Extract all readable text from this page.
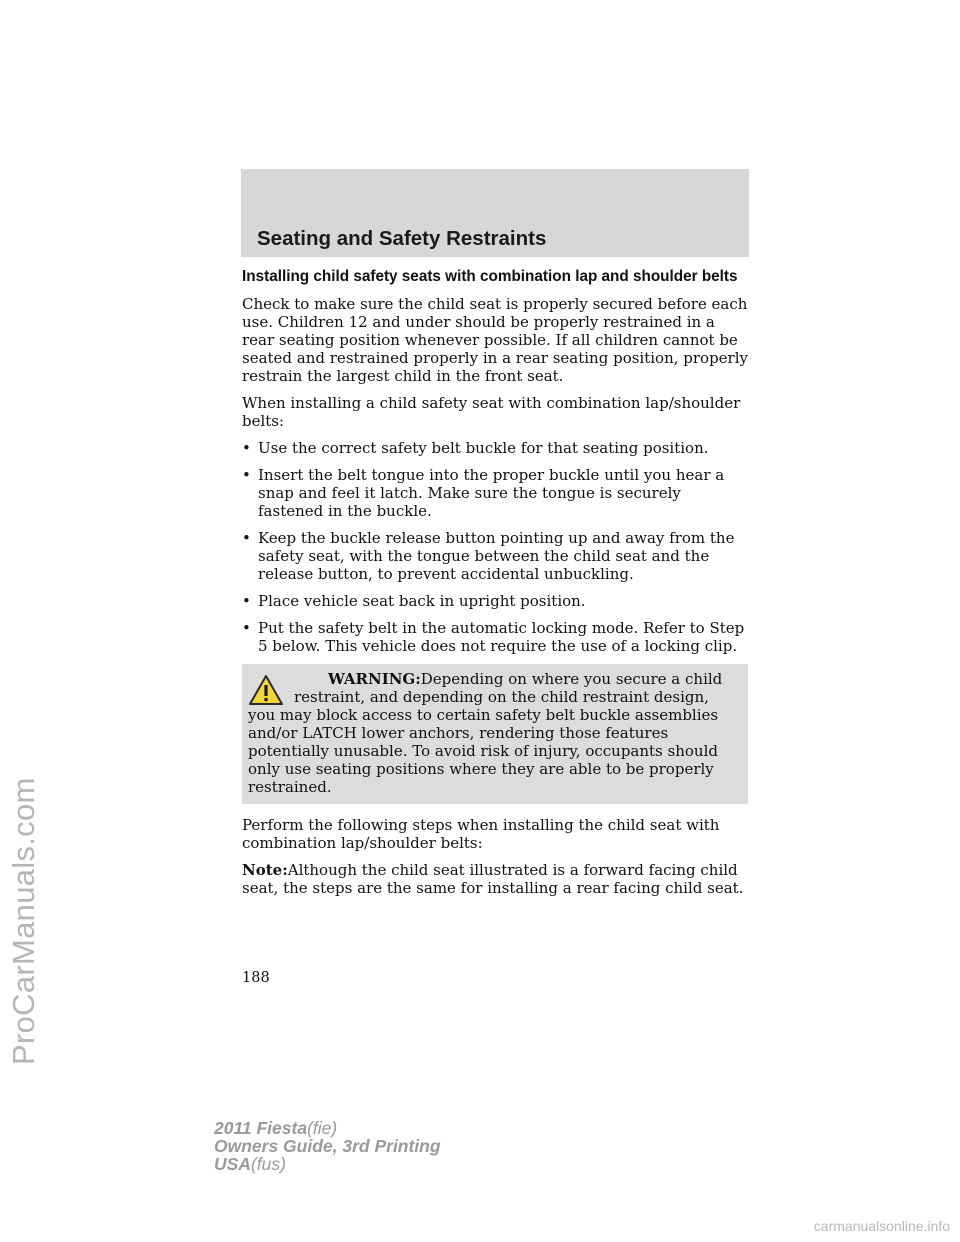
ProCarManuals.com
Seating and Safety Restraints
Installing child safety seats with combination lap and shoulder belts

Check to make sure the child seat is properly secured before each use. Children 12 and under should be properly restrained in a rear seating position whenever possible. If all children cannot be seated and restrained properly in a rear seating position, properly restrain the largest child in the front seat.

When installing a child safety seat with combination lap/shoulder belts:

• Use the correct safety belt buckle for that seating position.
• Insert the belt tongue into the proper buckle until you hear a snap and feel it latch. Make sure the tongue is securely fastened in the buckle.
• Keep the buckle release button pointing up and away from the safety seat, with the tongue between the child seat and the release button, to prevent accidental unbuckling.
• Place vehicle seat back in upright position.
• Put the safety belt in the automatic locking mode. Refer to Step 5 below. This vehicle does not require the use of a locking clip.
WARNING:Depending on where you secure a child restraint, and depending on the child restraint design, you may block access to certain safety belt buckle assemblies and/or LATCH lower anchors, rendering those features potentially unusable. To avoid risk of injury, occupants should only use seating positions where they are able to be properly restrained.

Perform the following steps when installing the child seat with combination lap/shoulder belts:

Note:Although the child seat illustrated is a forward facing child seat, the steps are the same for installing a rear facing child seat.

188
2011 Fiesta(fie)
Owners Guide, 3rd Printing
USA(fus)
carmanualsonline.info
